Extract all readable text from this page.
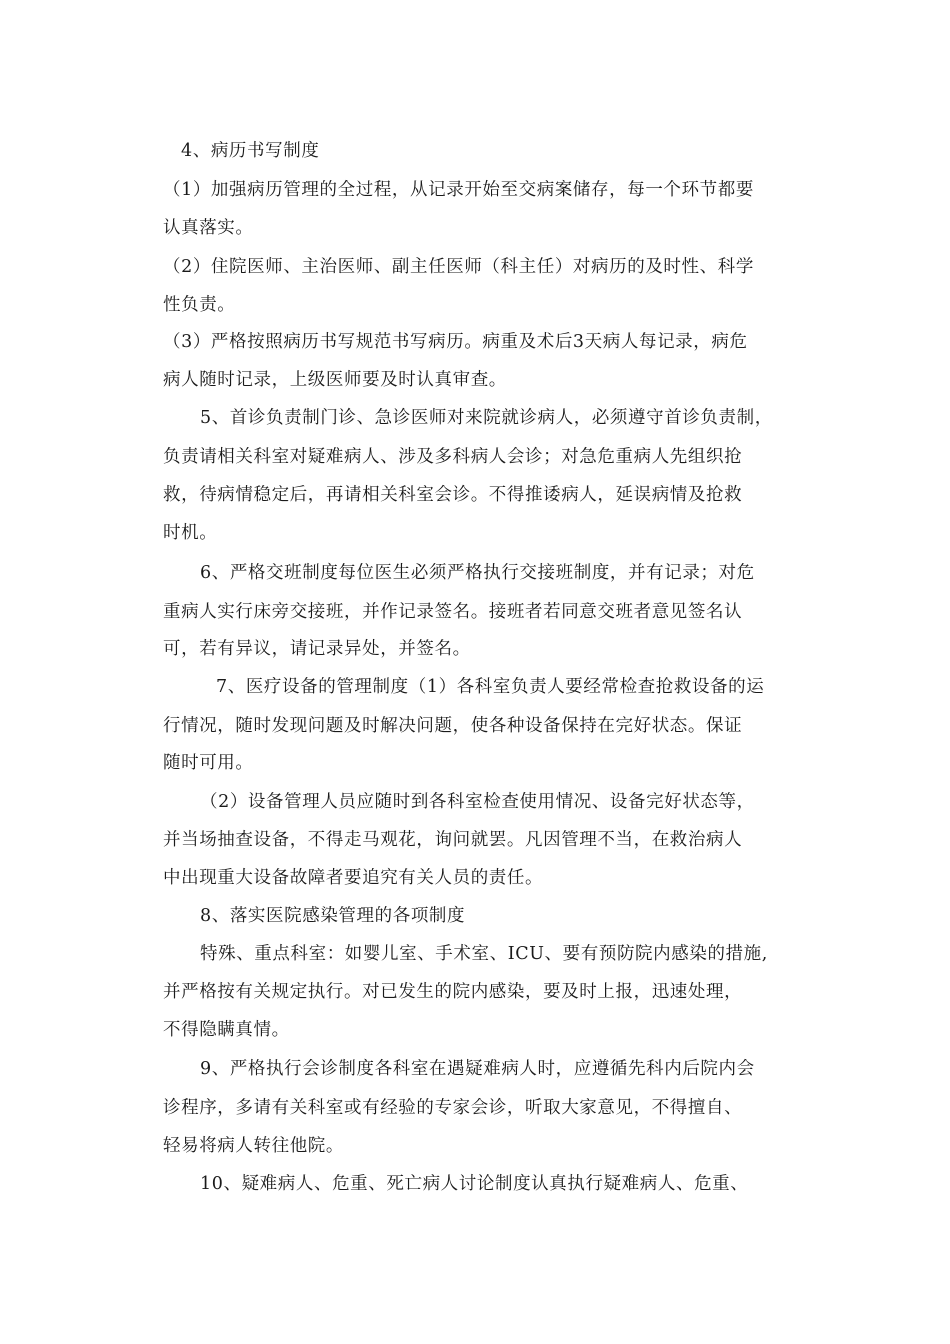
4、病历书写制度
（1）加强病历管理的全过程，从记录开始至交病案储存，每一个环节都要
认真落实。
（2）住院医师、主治医师、副主任医师（科主任）对病历的及时性、科学
性负责。
（3）严格按照病历书写规范书写病历。病重及术后3天病人每记录，病危
病人随时记录，上级医师要及时认真审查。
5、首诊负责制门诊、急诊医师对来院就诊病人，必须遵守首诊负责制，
负责请相关科室对疑难病人、涉及多科病人会诊；对急危重病人先组织抢
救，待病情稳定后，再请相关科室会诊。不得推诿病人，延误病情及抢救
时机。
6、严格交班制度每位医生必须严格执行交接班制度，并有记录；对危
重病人实行床旁交接班，并作记录签名。接班者若同意交班者意见签名认
可，若有异议，请记录异处，并签名。
7、医疗设备的管理制度（1）各科室负责人要经常检查抢救设备的运
行情况，随时发现问题及时解决问题，使各种设备保持在完好状态。保证
随时可用。
（2）设备管理人员应随时到各科室检查使用情况、设备完好状态等，
并当场抽查设备，不得走马观花，询问就罢。凡因管理不当，在救治病人
中出现重大设备故障者要追究有关人员的责任。
8、落实医院感染管理的各项制度
特殊、重点科室：如婴儿室、手术室、ICU、要有预防院内感染的措施,
并严格按有关规定执行。对已发生的院内感染，要及时上报，迅速处理，
不得隐瞒真情。
9、严格执行会诊制度各科室在遇疑难病人时，应遵循先科内后院内会
诊程序，多请有关科室或有经验的专家会诊，听取大家意见，不得擅自、
轻易将病人转往他院。
10、疑难病人、危重、死亡病人讨论制度认真执行疑难病人、危重、
